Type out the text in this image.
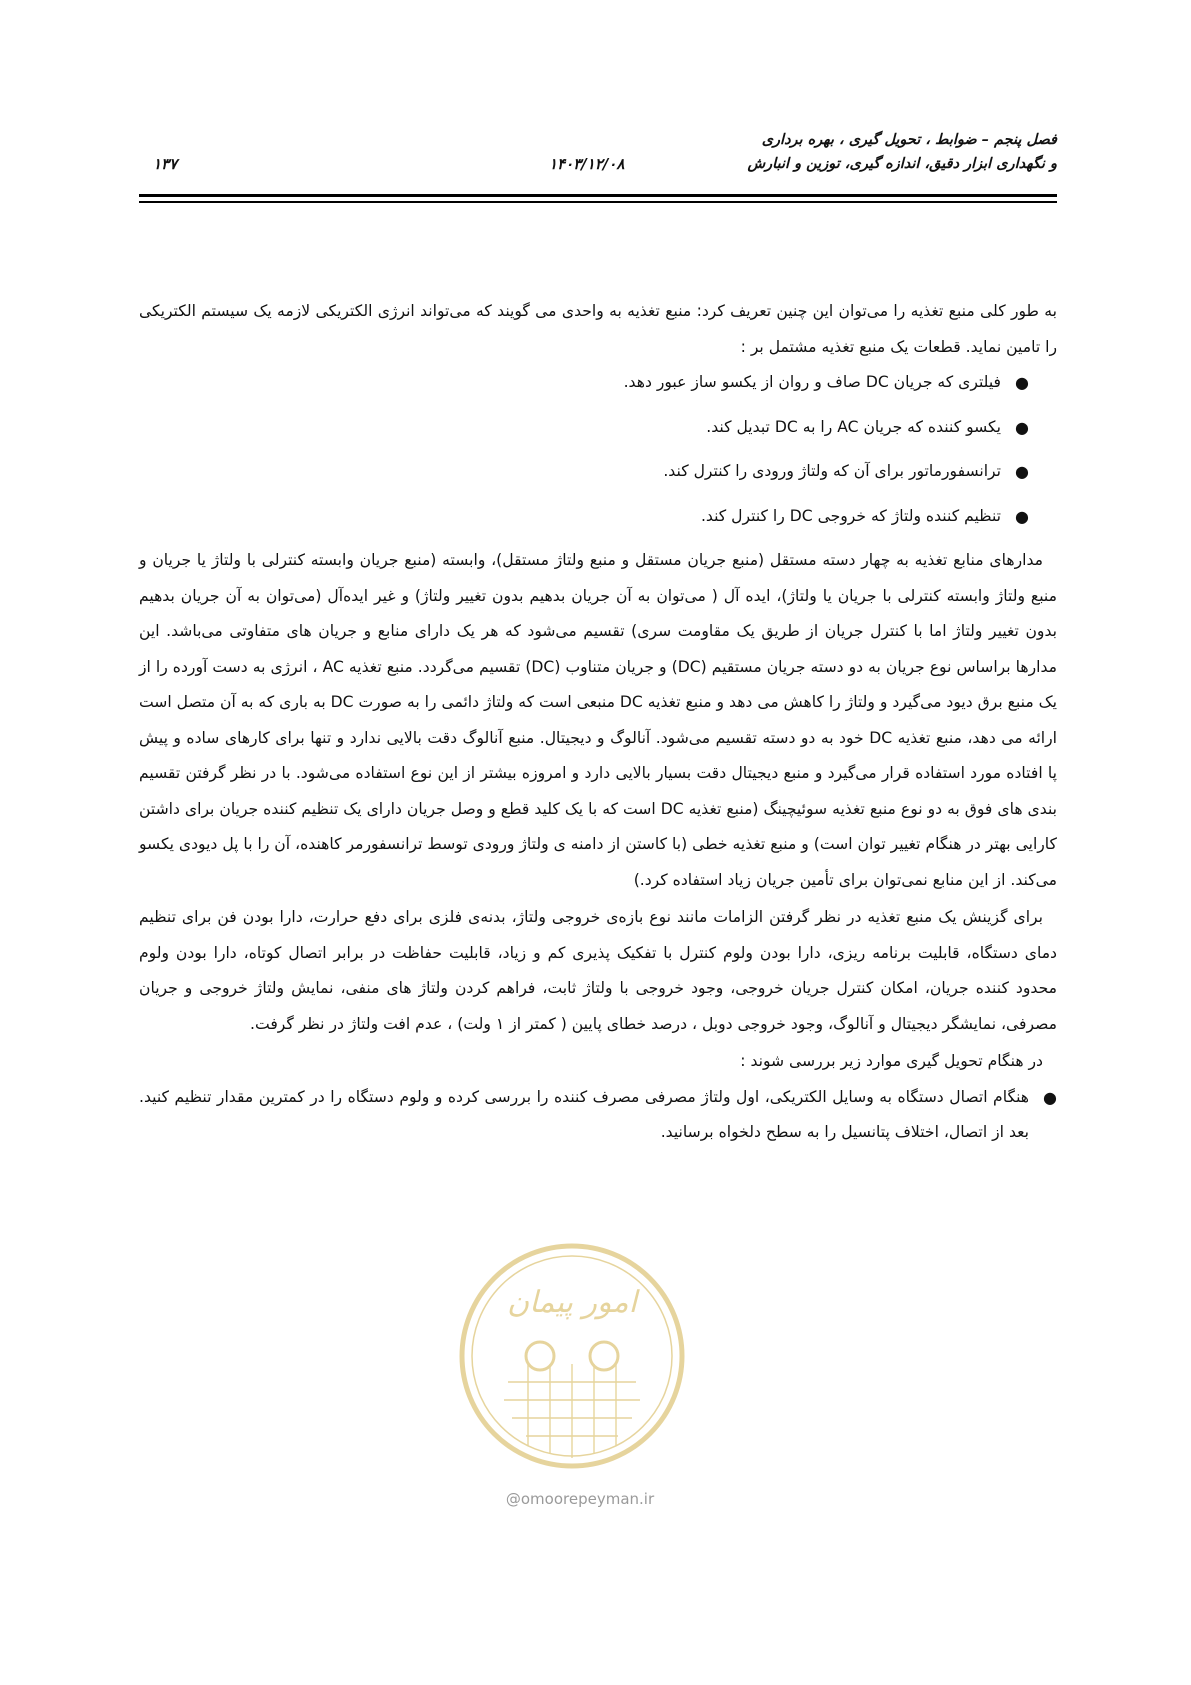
فصل پنجم – ضوابط ، تحویل گیری ، بهره برداری
و نگهداری ابزار دقیق، اندازه گیری، توزین و انبارش
۱۴۰۳/۱۲/۰۸
۱۳۷

به طور کلی منبع تغذیه را می‌توان این چنین تعریف کرد: منبع تغذیه به واحدی می گویند که می‌تواند انرژی الکتریکی لازمه یک سیستم الکتریکی را تامین نماید. قطعات یک منبع تغذیه مشتمل بر :

●
فیلتری که جریان DC صاف و روان از یکسو ساز عبور دهد.
●
یکسو کننده که جریان AC را به DC تبدیل کند.
●
ترانسفورماتور برای آن که ولتاژ ورودی را کنترل کند.
●
تنظیم کننده ولتاژ که خروجی DC را کنترل کند.

مدارهای منابع تغذیه به چهار دسته مستقل (منبع جریان مستقل و منبع ولتاژ مستقل)، وابسته (منبع جریان وابسته کنترلی با ولتاژ یا جریان و منبع ولتاژ وابسته کنترلی با جریان یا ولتاژ)، ایده آل ( می‌توان به آن جریان بدهیم بدون تغییر ولتاژ) و غیر ایده‌آل (می‌توان به آن جریان بدهیم بدون تغییر ولتاژ اما با کنترل جریان از طریق یک مقاومت سری) تقسیم می‌شود که هر یک دارای منابع و جریان های متفاوتی می‌باشد. این مدارها براساس نوع جریان به دو دسته جریان مستقیم (DC) و جریان متناوب (DC) تقسیم می‌گردد. منبع تغذیه AC ، انرژی به دست آورده را از یک منبع برق دیود می‌گیرد و ولتاژ را کاهش می دهد و منبع تغذیه DC منبعی است که ولتاژ دائمی را به صورت DC به باری که به آن متصل است ارائه می دهد، منبع تغذیه DC خود به دو دسته تقسیم می‌شود. آنالوگ و دیجیتال. منبع آنالوگ دقت بالایی ندارد و تنها برای کارهای ساده و پیش پا افتاده مورد استفاده قرار می‌گیرد و منبع دیجیتال دقت بسیار بالایی دارد و امروزه بیشتر از این نوع استفاده می‌شود. با در نظر گرفتن تقسیم بندی های فوق به دو نوع منبع تغذیه سوئیچینگ (منبع تغذیه DC است که با یک کلید قطع و وصل جریان دارای یک تنظیم کننده جریان برای داشتن کارایی بهتر در هنگام تغییر توان است) و منبع تغذیه خطی (با کاستن از دامنه ی ولتاژ ورودی توسط ترانسفورمر کاهنده، آن را با پل دیودی یکسو می‌کند. از این منابع نمی‌توان برای تأمین جریان زیاد استفاده کرد.)

برای گزینش یک منبع تغذیه در نظر گرفتن الزامات مانند نوع بازه‌ی خروجی ولتاژ، بدنه‌ی فلزی برای دفع حرارت، دارا بودن فن برای تنظیم دمای دستگاه، قابلیت برنامه ریزی، دارا بودن ولوم کنترل با تفکیک پذیری کم و زیاد، قابلیت حفاظت در برابر اتصال کوتاه، دارا بودن ولوم محدود کننده جریان، امکان کنترل جریان خروجی، وجود خروجی با ولتاژ ثابت، فراهم کردن ولتاژ های منفی، نمایش ولتاژ خروجی و جریان مصرفی، نمایشگر دیجیتال و آنالوگ، وجود خروجی دوبل ، درصد خطای پایین ( کمتر از ۱ ولت) ، عدم افت ولتاژ در نظر گرفت.

در هنگام تحویل گیری موارد زیر بررسی شوند :

●
هنگام اتصال دستگاه به وسایل الکتریکی، اول ولتاژ مصرفی مصرف کننده را بررسی کرده و ولوم دستگاه را در کمترین مقدار تنظیم کنید. بعد از اتصال، اختلاف پتانسیل را به سطح دلخواه برسانید.
امور پیمان
@omoorepeyman.ir
